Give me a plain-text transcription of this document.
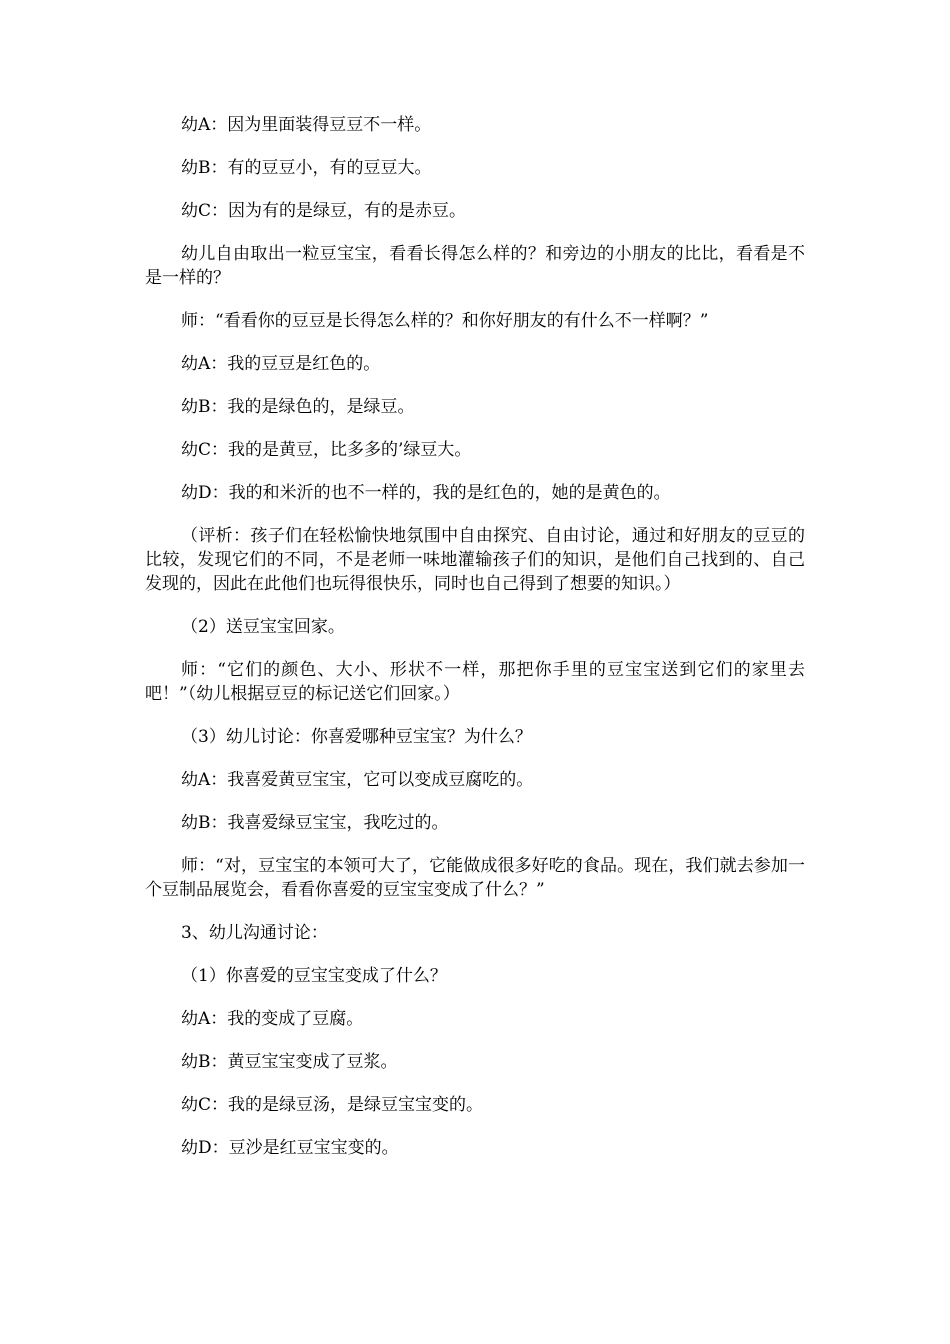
幼A：因为里面装得豆豆不一样。

幼B：有的豆豆小，有的豆豆大。

幼C：因为有的是绿豆，有的是赤豆。

幼儿自由取出一粒豆宝宝，看看长得怎么样的？和旁边的小朋友的比比，看看是不是一样的？

师：“看看你的豆豆是长得怎么样的？和你好朋友的有什么不一样啊？”

幼A：我的豆豆是红色的。

幼B：我的是绿色的，是绿豆。

幼C：我的是黄豆，比多多的’绿豆大。

幼D：我的和米沂的也不一样的，我的是红色的，她的是黄色的。

（评析：孩子们在轻松愉快地氛围中自由探究、自由讨论，通过和好朋友的豆豆的比较，发现它们的不同，不是老师一味地灌输孩子们的知识，是他们自己找到的、自己发现的，因此在此他们也玩得很快乐，同时也自己得到了想要的知识。）

（2）送豆宝宝回家。

师：“它们的颜色、大小、形状不一样，那把你手里的豆宝宝送到它们的家里去吧！”（幼儿根据豆豆的标记送它们回家。）

（3）幼儿讨论：你喜爱哪种豆宝宝？为什么？

幼A：我喜爱黄豆宝宝，它可以变成豆腐吃的。

幼B：我喜爱绿豆宝宝，我吃过的。

师：“对，豆宝宝的本领可大了，它能做成很多好吃的食品。现在，我们就去参加一个豆制品展览会，看看你喜爱的豆宝宝变成了什么？”

3、幼儿沟通讨论：

（1）你喜爱的豆宝宝变成了什么？

幼A：我的变成了豆腐。

幼B：黄豆宝宝变成了豆浆。

幼C：我的是绿豆汤，是绿豆宝宝变的。

幼D：豆沙是红豆宝宝变的。
